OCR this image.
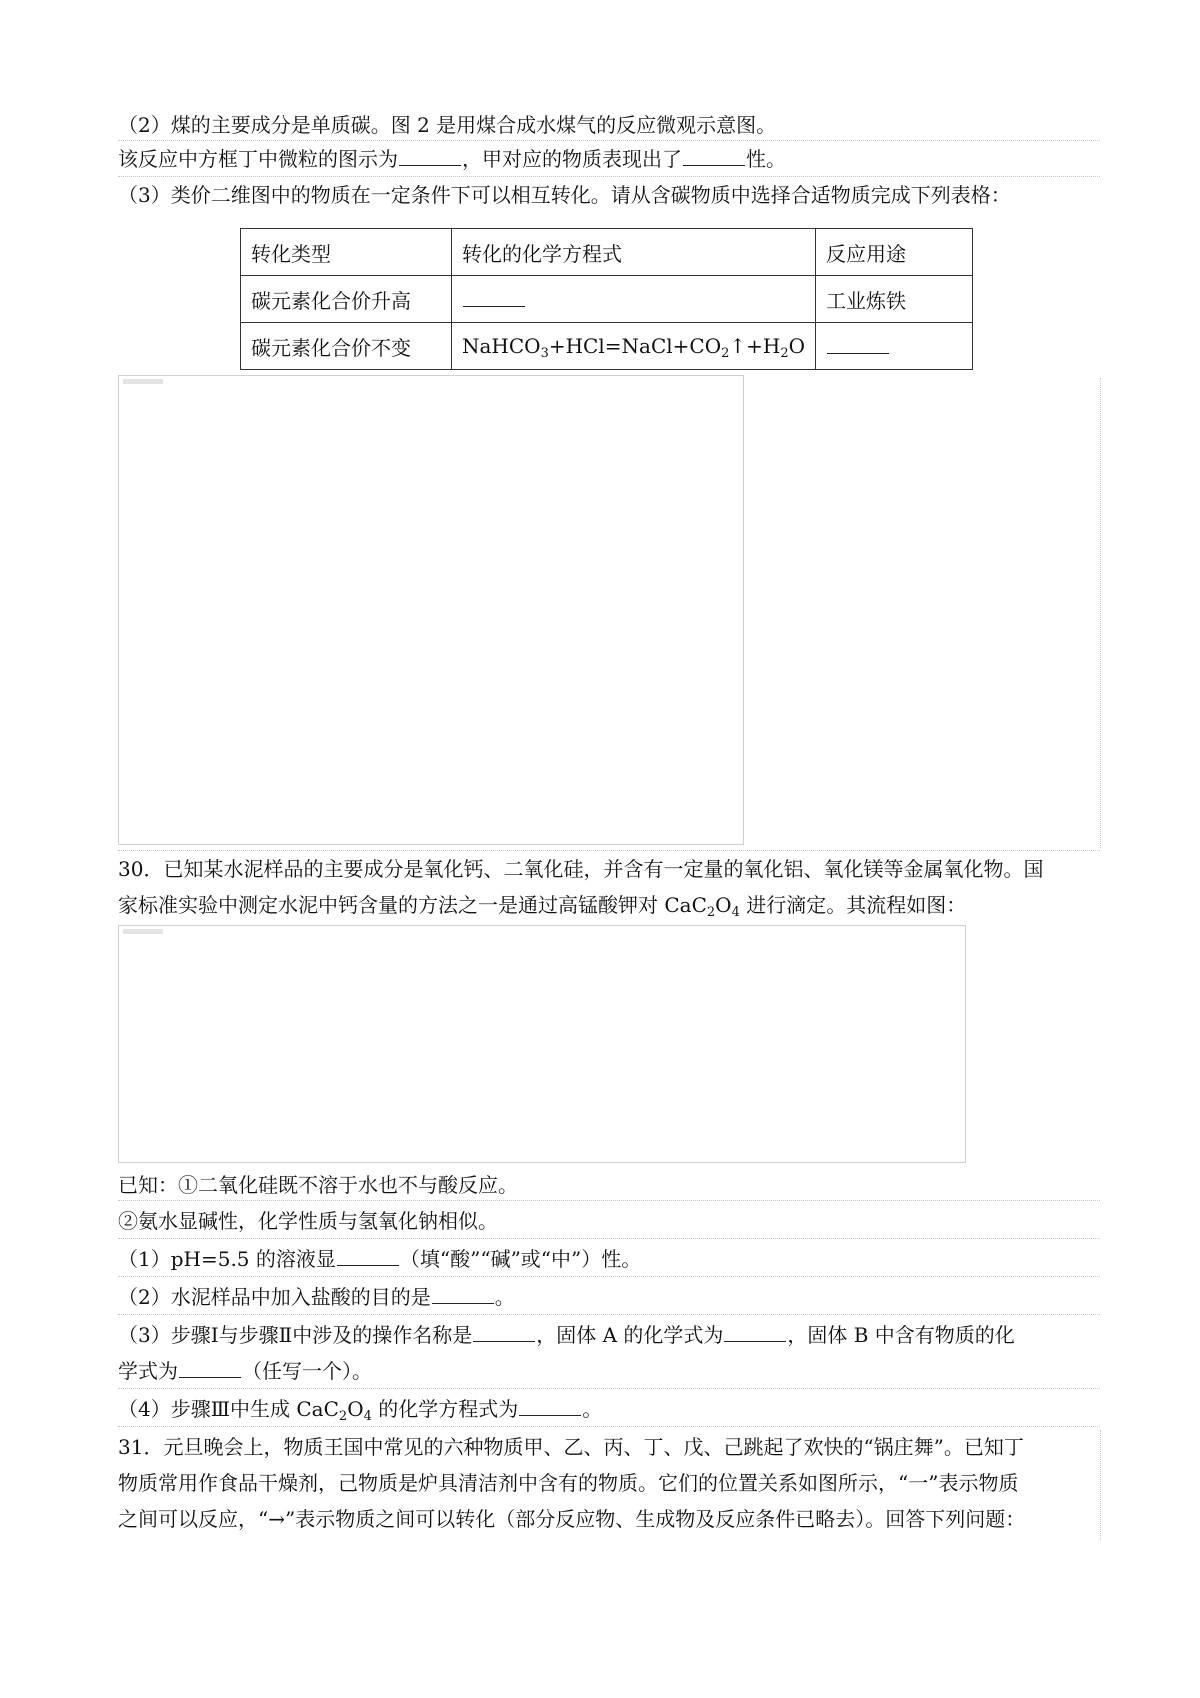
（2）煤的主要成分是单质碳。图 2 是用煤合成水煤气的反应微观示意图。
该反应中方框丁中微粒的图示为	，甲对应的物质表现出了	性。
（3）类价二维图中的物质在一定条件下可以相互转化。请从含碳物质中选择合适物质完成下列表格：
转化类型	转化的化学方程式	反应用途
碳元素化合价升高		工业炼铁
碳元素化合价不变	$NaHCO_3+HCl=NaCl+CO_2↑+H_2O$	
30．已知某水泥样品的主要成分是氧化钙、二氧化硅，并含有一定量的氧化铝、氧化镁等金属氧化物。国
家标准实验中测定水泥中钙含量的方法之一是通过高锰酸钾对 $CaC_2O_4$ 进行滴定。其流程如图：
已知：①二氧化硅既不溶于水也不与酸反应。
②氨水显碱性，化学性质与氢氧化钠相似。
（1）pH=5.5 的溶液显	（填“酸”“碱”或“中”）性。
（2）水泥样品中加入盐酸的目的是	。
（3）步骤Ⅰ与步骤Ⅱ中涉及的操作名称是	，固体 A 的化学式为	，固体 B 中含有物质的化
学式为	（任写一个）。
（4）步骤Ⅲ中生成 $CaC_2O_4$ 的化学方程式为	。
31．元旦晚会上，物质王国中常见的六种物质甲、乙、丙、丁、戊、己跳起了欢快的“锅庄舞”。已知丁
物质常用作食品干燥剂，己物质是炉具清洁剂中含有的物质。它们的位置关系如图所示，“一”表示物质
之间可以反应，“→”表示物质之间可以转化（部分反应物、生成物及反应条件已略去）。回答下列问题：
